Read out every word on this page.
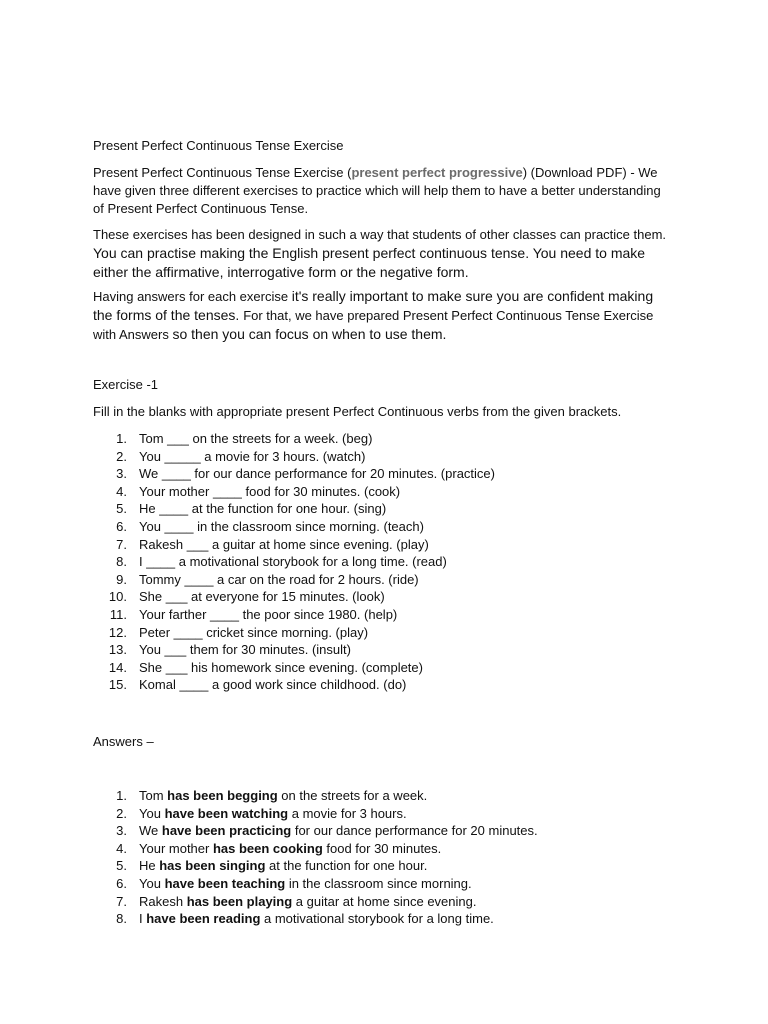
Present Perfect Continuous Tense Exercise
Present Perfect Continuous Tense Exercise (present perfect progressive) (Download PDF) - We have given three different exercises to practice which will help them to have a better understanding of Present Perfect Continuous Tense.
These exercises has been designed in such a way that students of other classes can practice them. You can practise making the English present perfect continuous tense. You need to make either the affirmative, interrogative form or the negative form.
Having answers for each exercise it's really important to make sure you are confident making the forms of the tenses. For that, we have prepared Present Perfect Continuous Tense Exercise with Answers so then you can focus on when to use them.
Exercise -1
Fill in the blanks with appropriate present Perfect Continuous verbs from the given brackets.
1. Tom ___ on the streets for a week. (beg)
2. You _____ a movie for 3 hours. (watch)
3. We ____ for our dance performance for 20 minutes. (practice)
4. Your mother ____ food for 30 minutes. (cook)
5. He ____ at the function for one hour. (sing)
6. You ____ in the classroom since morning. (teach)
7. Rakesh ___ a guitar at home since evening. (play)
8. I ____ a motivational storybook for a long time. (read)
9. Tommy ____ a car on the road for 2 hours. (ride)
10. She ___ at everyone for 15 minutes. (look)
11. Your farther ____ the poor since 1980. (help)
12. Peter ____ cricket since morning. (play)
13. You ___ them for 30 minutes. (insult)
14. She ___ his homework since evening. (complete)
15. Komal ____ a good work since childhood. (do)
Answers –
1. Tom has been begging on the streets for a week.
2. You have been watching a movie for 3 hours.
3. We have been practicing for our dance performance for 20 minutes.
4. Your mother has been cooking food for 30 minutes.
5. He has been singing at the function for one hour.
6. You have been teaching in the classroom since morning.
7. Rakesh has been playing a guitar at home since evening.
8. I have been reading a motivational storybook for a long time.
